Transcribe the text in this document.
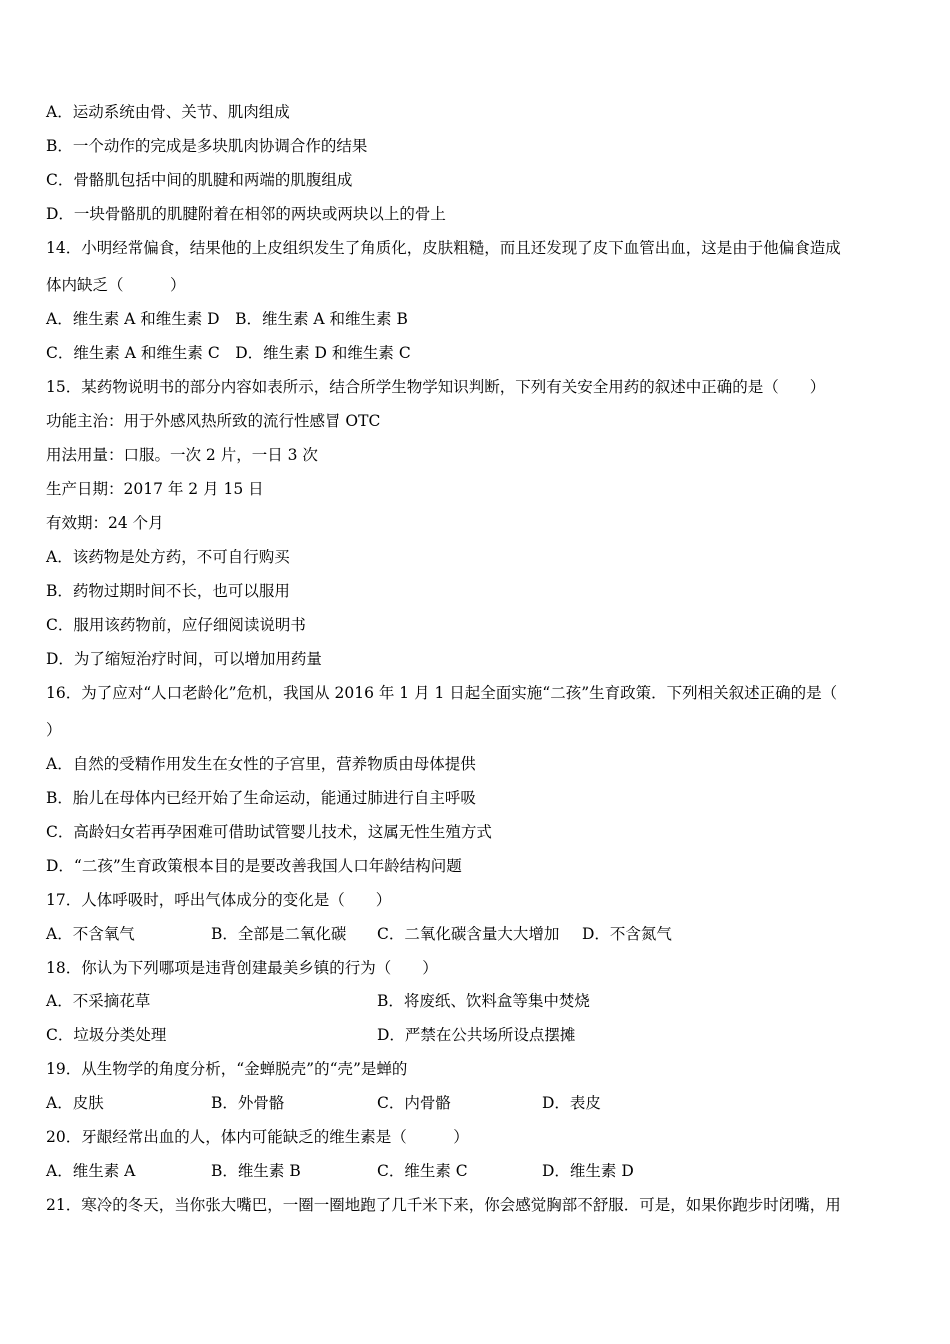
A．运动系统由骨、关节、肌肉组成
B．一个动作的完成是多块肌肉协调合作的结果
C．骨骼肌包括中间的肌腱和两端的肌腹组成
D．一块骨骼肌的肌腱附着在相邻的两块或两块以上的骨上
14．小明经常偏食，结果他的上皮组织发生了角质化，皮肤粗糙，而且还发现了皮下血管出血，这是由于他偏食造成
体内缺乏（　　　）
A．维生素 A 和维生素 D　B．维生素 A 和维生素 B
C．维生素 A 和维生素 C　D．维生素 D 和维生素 C
15．某药物说明书的部分内容如表所示，结合所学生物学知识判断，下列有关安全用药的叙述中正确的是（　　）
功能主治：用于外感风热所致的流行性感冒 OTC
用法用量：口服。一次 2 片，一日 3 次
生产日期：2017 年 2 月 15 日
有效期：24 个月
A．该药物是处方药，不可自行购买
B．药物过期时间不长，也可以服用
C．服用该药物前，应仔细阅读说明书
D．为了缩短治疗时间，可以增加用药量
16．为了应对“人口老龄化”危机，我国从 2016 年 1 月 1 日起全面实施“二孩”生育政策．下列相关叙述正确的是（
）
A．自然的受精作用发生在女性的子宫里，营养物质由母体提供
B．胎儿在母体内已经开始了生命运动，能通过肺进行自主呼吸
C．高龄妇女若再孕困难可借助试管婴儿技术，这属无性生殖方式
D．“二孩”生育政策根本目的是要改善我国人口年龄结构问题
17．人体呼吸时，呼出气体成分的变化是（　　）
A．不含氧气	B．全部是二氧化碳 C．二氧化碳含量大大增加 D．不含氮气
18．你认为下列哪项是违背创建最美乡镇的行为（　　）
A．不采摘花草	B．将废纸、饮料盒等集中焚烧
C．垃圾分类处理	D．严禁在公共场所设点摆摊
19．从生物学的角度分析，“金蝉脱壳”的“壳”是蝉的
A．皮肤	B．外骨骼	C．内骨骼	D．表皮
20．牙龈经常出血的人，体内可能缺乏的维生素是（　　　）
A．维生素 A	B．维生素 B	C．维生素 C	D．维生素 D
21．寒冷的冬天，当你张大嘴巴，一圈一圈地跑了几千米下来，你会感觉胸部不舒服．可是，如果你跑步时闭嘴，用
